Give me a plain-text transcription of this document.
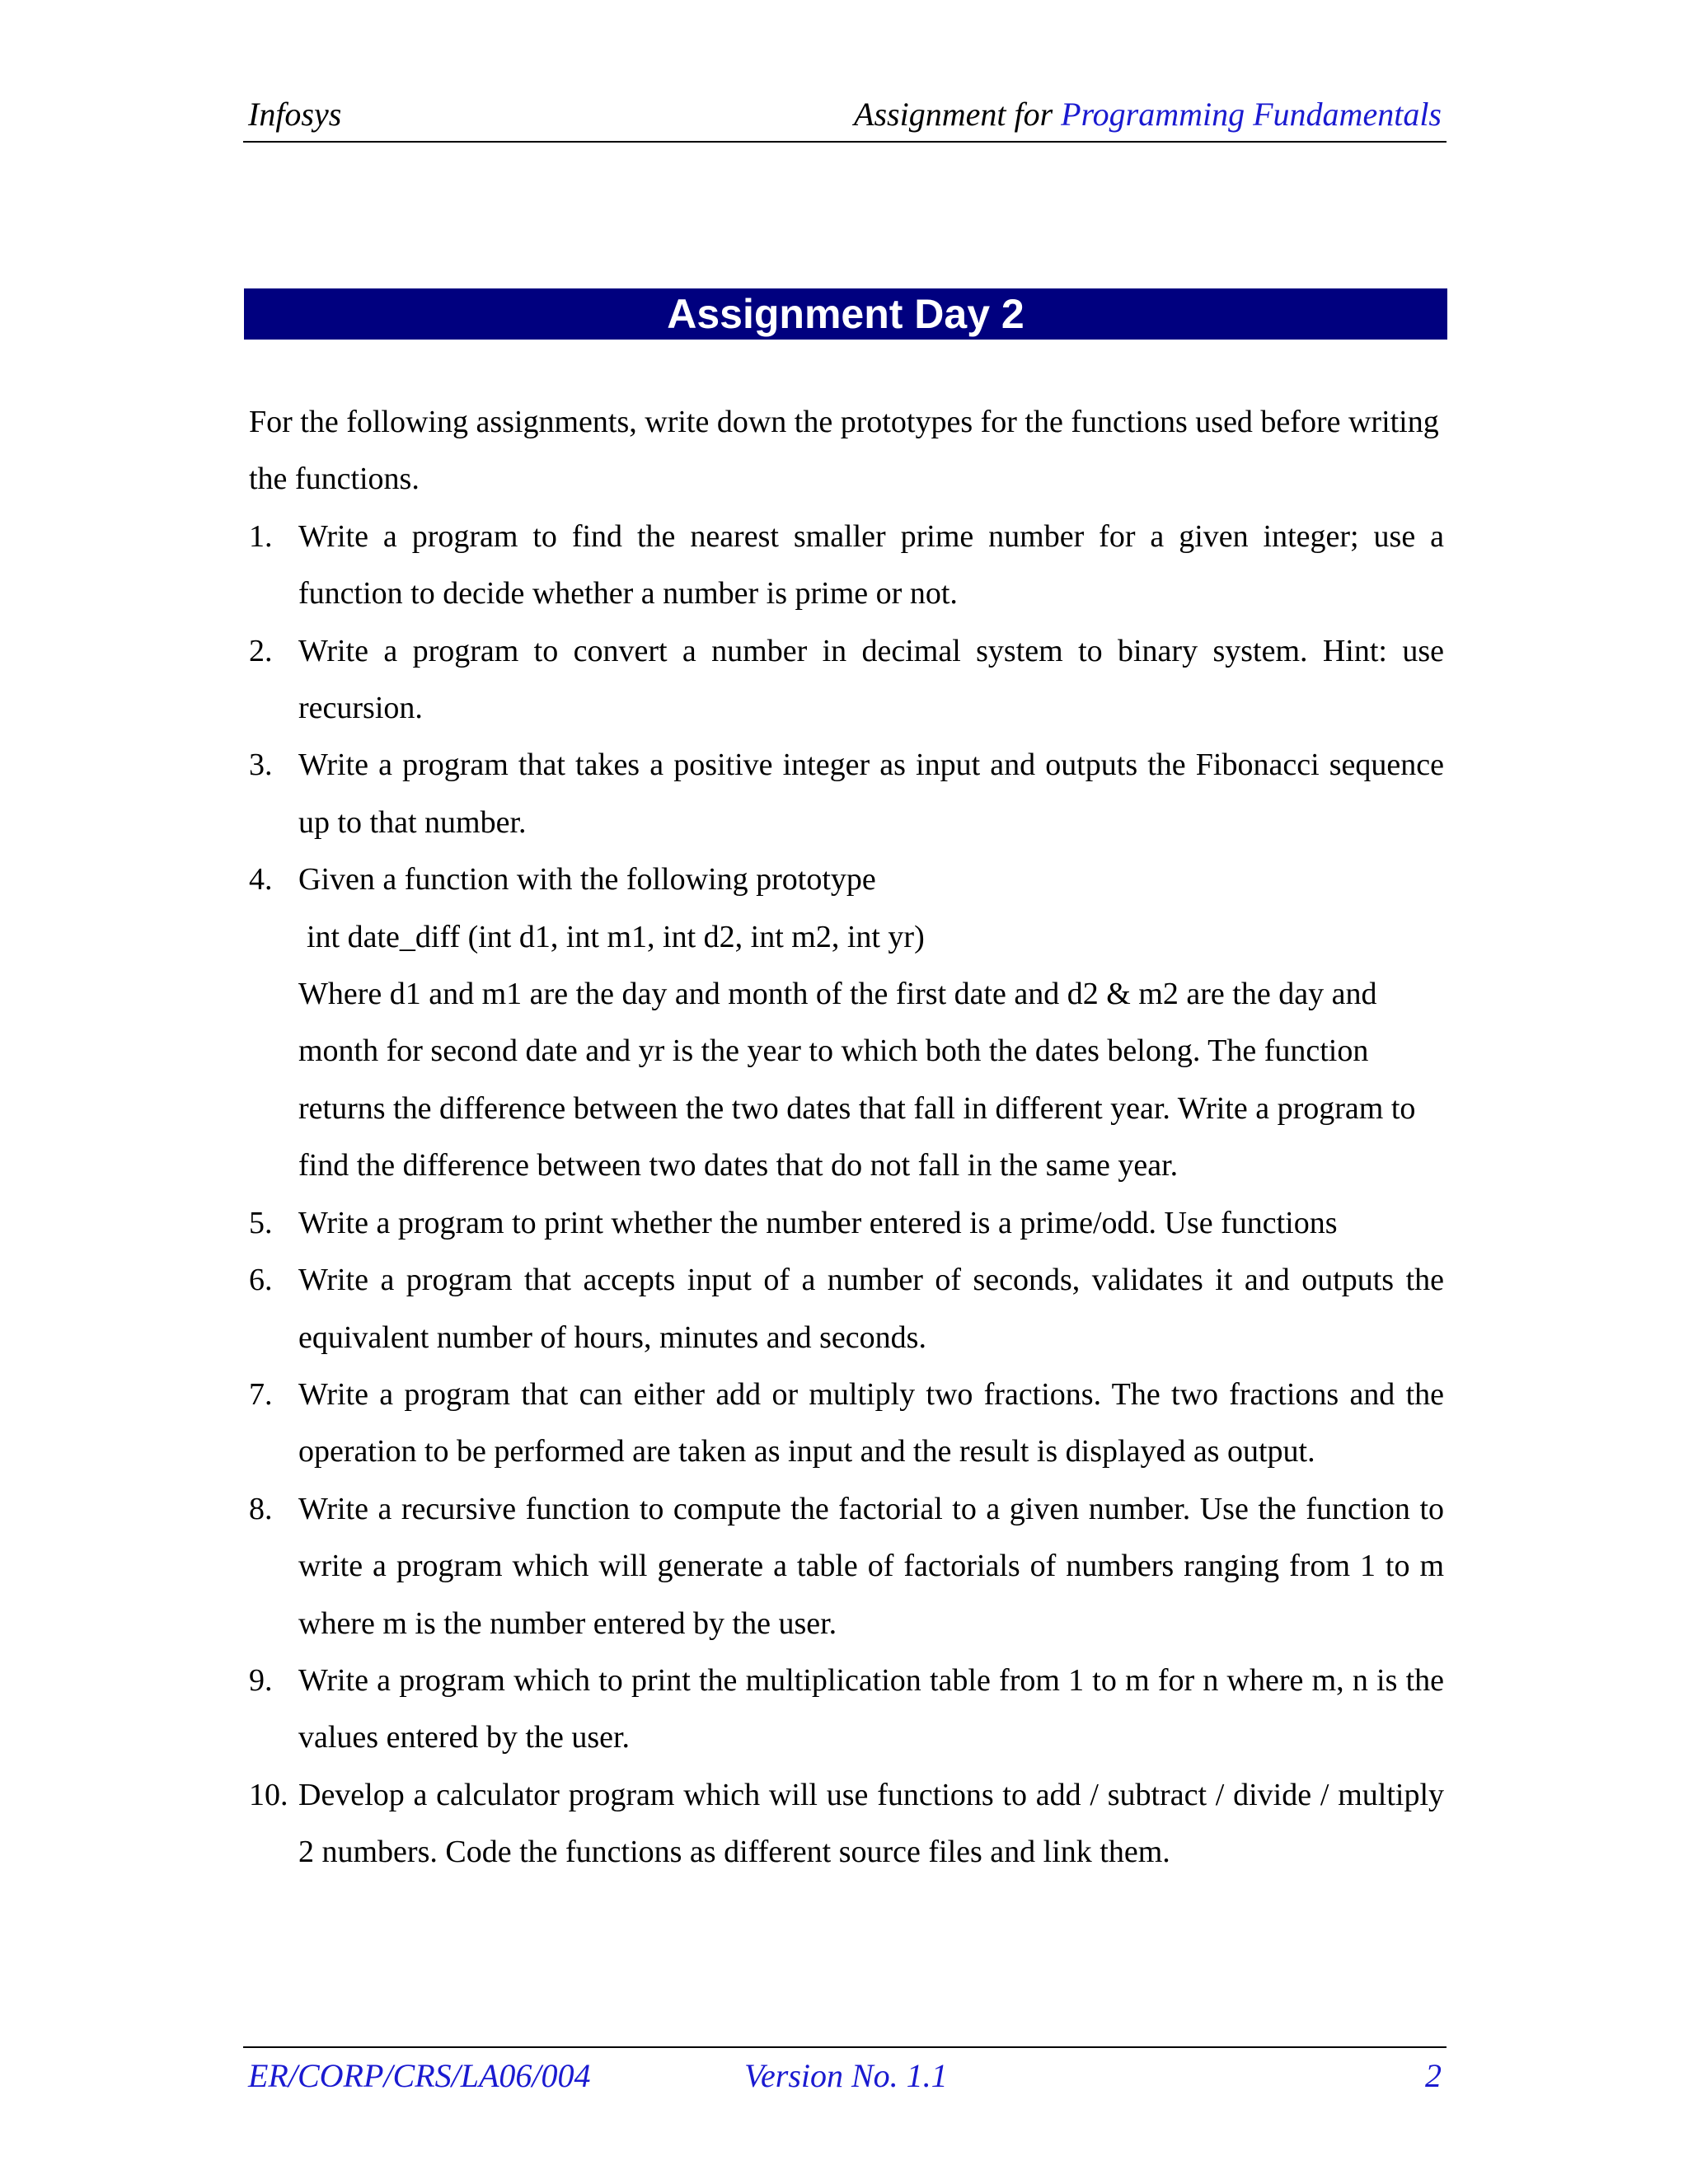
Infosys	Assignment for Programming Fundamentals
Assignment Day 2

For the following assignments, write down the prototypes for the functions used before writing the functions.

1. Write a program to find the nearest smaller prime number for a given integer; use a function to decide whether a number is prime or not.
2. Write a program to convert a number in decimal system to binary system. Hint: use recursion.
3. Write a program that takes a positive integer as input and outputs the Fibonacci sequence up to that number.
4. Given a function with the following prototype
int date_diff (int d1, int m1, int d2, int m2, int yr)
Where d1 and m1 are the day and month of the first date and d2 & m2 are the day and month for second date and yr is the year to which both the dates belong. The function returns the difference between the two dates that fall in different year. Write a program to find the difference between two dates that do not fall in the same year.
5. Write a program to print whether the number entered is a prime/odd. Use functions
6. Write a program that accepts input of a number of seconds, validates it and outputs the equivalent number of hours, minutes and seconds.
7. Write a program that can either add or multiply two fractions. The two fractions and the operation to be performed are taken as input and the result is displayed as output.
8. Write a recursive function to compute the factorial to a given number. Use the function to write a program which will generate a table of factorials of numbers ranging from 1 to m where m is the number entered by the user.
9. Write a program which to print the multiplication table from 1 to m for n where m, n is the values entered by the user.
10. Develop a calculator program which will use functions to add / subtract / divide / multiply 2 numbers. Code the functions as different source files and link them.
ER/CORP/CRS/LA06/004	Version No. 1.1	2
